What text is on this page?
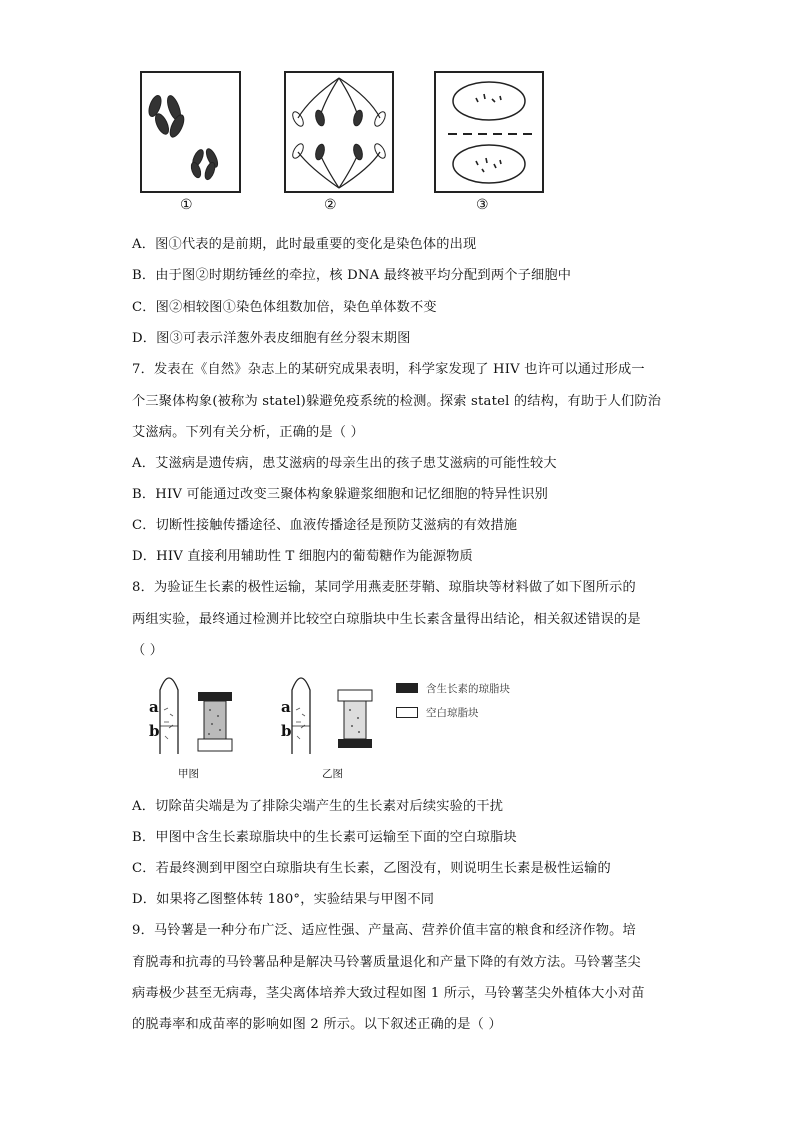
①	②	③
A．图①代表的是前期，此时最重要的变化是染色体的出现
B．由于图②时期纺锤丝的牵拉，核 DNA 最终被平均分配到两个子细胞中
C．图②相较图①染色体组数加倍，染色单体数不变
D．图③可表示洋葱外表皮细胞有丝分裂末期图
7．发表在《自然》杂志上的某研究成果表明，科学家发现了 HIV 也许可以通过形成一
个三聚体构象(被称为 statel)躲避免疫系统的检测。探索 statel 的结构，有助于人们防治
艾滋病。下列有关分析，正确的是（ ）
A．艾滋病是遗传病，患艾滋病的母亲生出的孩子患艾滋病的可能性较大
B．HIV 可能通过改变三聚体构象躲避浆细胞和记忆细胞的特异性识别
C．切断性接触传播途径、血液传播途径是预防艾滋病的有效措施
D．HIV 直接利用辅助性 T 细胞内的葡萄糖作为能源物质
8．为验证生长素的极性运输，某同学用燕麦胚芽鞘、琼脂块等材料做了如下图所示的
两组实验，最终通过检测并比较空白琼脂块中生长素含量得出结论，相关叙述错误的是
（ ）
a
b
a
b
甲图	乙图
含生长素的琼脂块
空白琼脂块
A．切除苗尖端是为了排除尖端产生的生长素对后续实验的干扰
B．甲图中含生长素琼脂块中的生长素可运输至下面的空白琼脂块
C．若最终测到甲图空白琼脂块有生长素，乙图没有，则说明生长素是极性运输的
D．如果将乙图整体转 180°，实验结果与甲图不同
9．马铃薯是一种分布广泛、适应性强、产量高、营养价值丰富的粮食和经济作物。培
育脱毒和抗毒的马铃薯品种是解决马铃薯质量退化和产量下降的有效方法。马铃薯茎尖
病毒极少甚至无病毒，茎尖离体培养大致过程如图 1 所示，马铃薯茎尖外植体大小对苗
的脱毒率和成苗率的影响如图 2 所示。以下叙述正确的是（ ）
